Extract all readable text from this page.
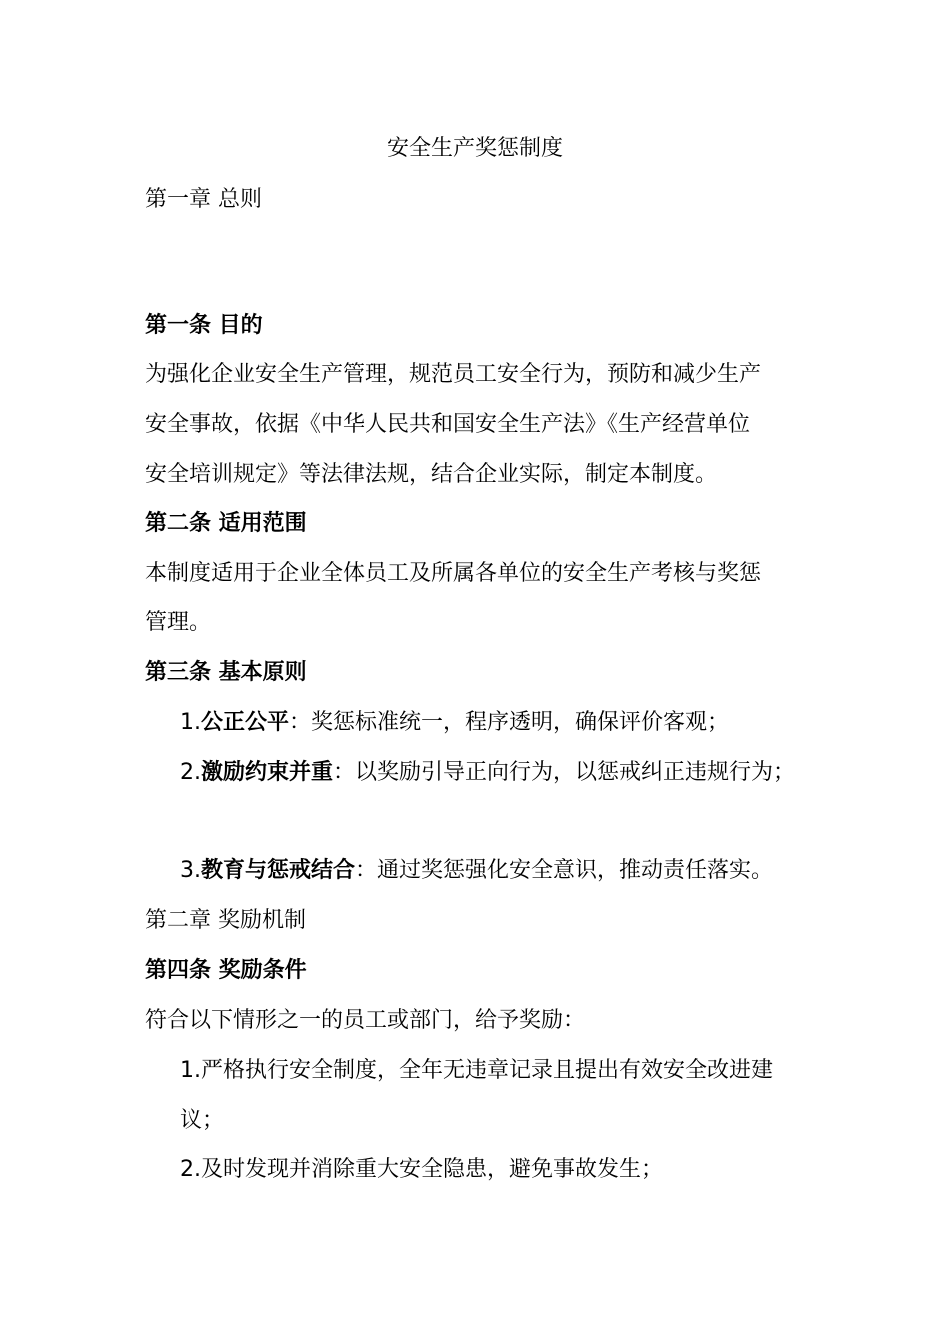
安全生产奖惩制度
第一章 总则
第一条 目的
为强化企业安全生产管理，规范员工安全行为，预防和减少生产
安全事故，依据《中华人民共和国安全生产法》《生产经营单位
安全培训规定》等法律法规，结合企业实际，制定本制度。
第二条 适用范围
本制度适用于企业全体员工及所属各单位的安全生产考核与奖惩
管理。
第三条 基本原则
1.公正公平：奖惩标准统一，程序透明，确保评价客观；
2.激励约束并重：以奖励引导正向行为，以惩戒纠正违规行为；
3.教育与惩戒结合：通过奖惩强化安全意识，推动责任落实。
第二章 奖励机制
第四条 奖励条件
符合以下情形之一的员工或部门，给予奖励：
1.严格执行安全制度，全年无违章记录且提出有效安全改进建
议；
2.及时发现并消除重大安全隐患，避免事故发生；
